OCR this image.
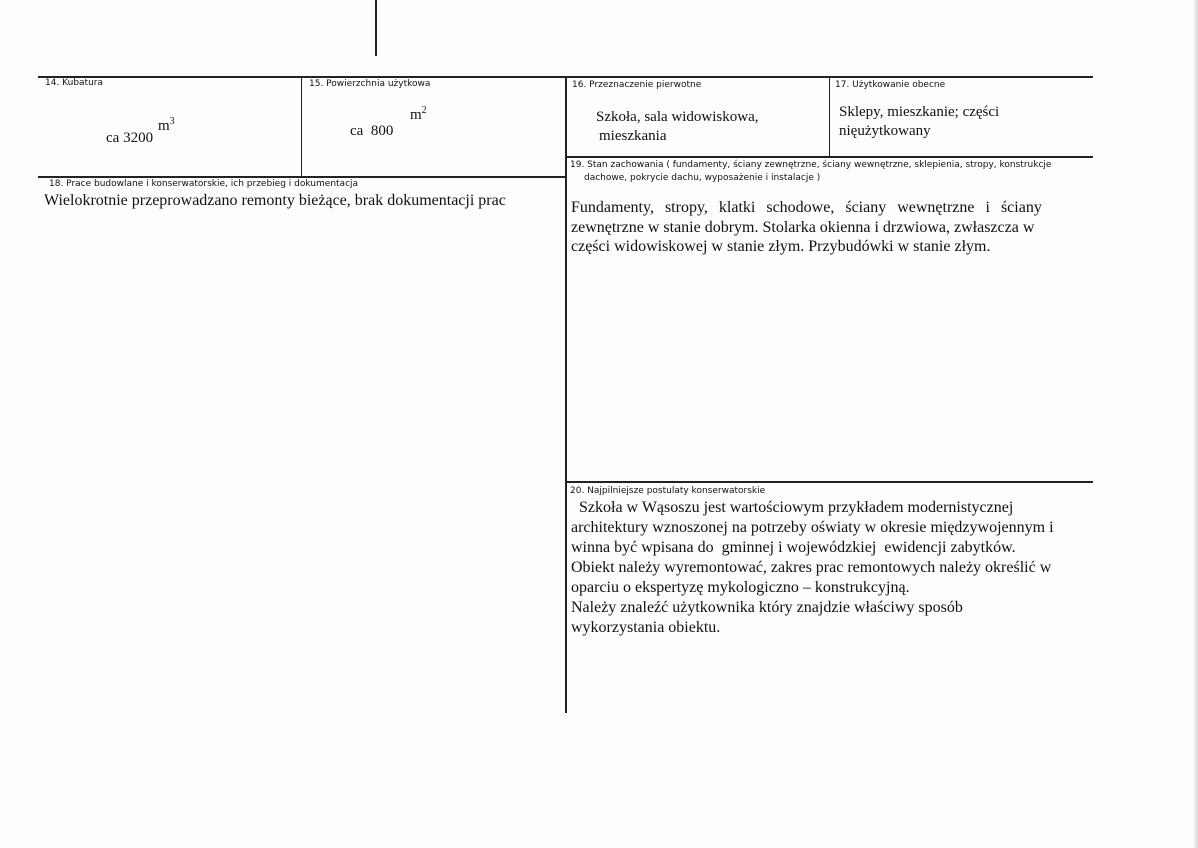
14. Kubatura
$m^3$
ca 3200
15. Powierzchnia użytkowa
$m^2$
ca  800
16. Przeznaczenie pierwotne
Szkoła, sala widowiskowa,
mieszkania
17. Użytkowanie obecne
Sklepy, mieszkanie; części
nięużytkowany
18. Prace budowlane i konserwatorskie, ich przebieg i dokumentacja
Wielokrotnie przeprowadzano remonty bieżące, brak dokumentacji prac
19. Stan zachowania ( fundamenty, ściany zewnętrzne, ściany wewnętrzne, sklepienia, stropy, konstrukcje
dachowe, pokrycie dachu, wyposażenie i instalacje )
Fundamenty, stropy, klatki schodowe, ściany wewnętrzne i ściany
zewnętrzne w stanie dobrym. Stolarka okienna i drzwiowa, zwłaszcza w
części widowiskowej w stanie złym. Przybudówki w stanie złym.
20. Najpilniejsze postulaty konserwatorskie
Szkoła w Wąsoszu jest wartościowym przykładem modernistycznej
architektury wznoszonej na potrzeby oświaty w okresie międzywojennym i
winna być wpisana do  gminnej i wojewódzkiej  ewidencji zabytków.
Obiekt należy wyremontować, zakres prac remontowych należy określić w
oparciu o ekspertyzę mykologiczno – konstrukcyjną.
Należy znaleźć użytkownika który znajdzie właściwy sposób
wykorzystania obiektu.
